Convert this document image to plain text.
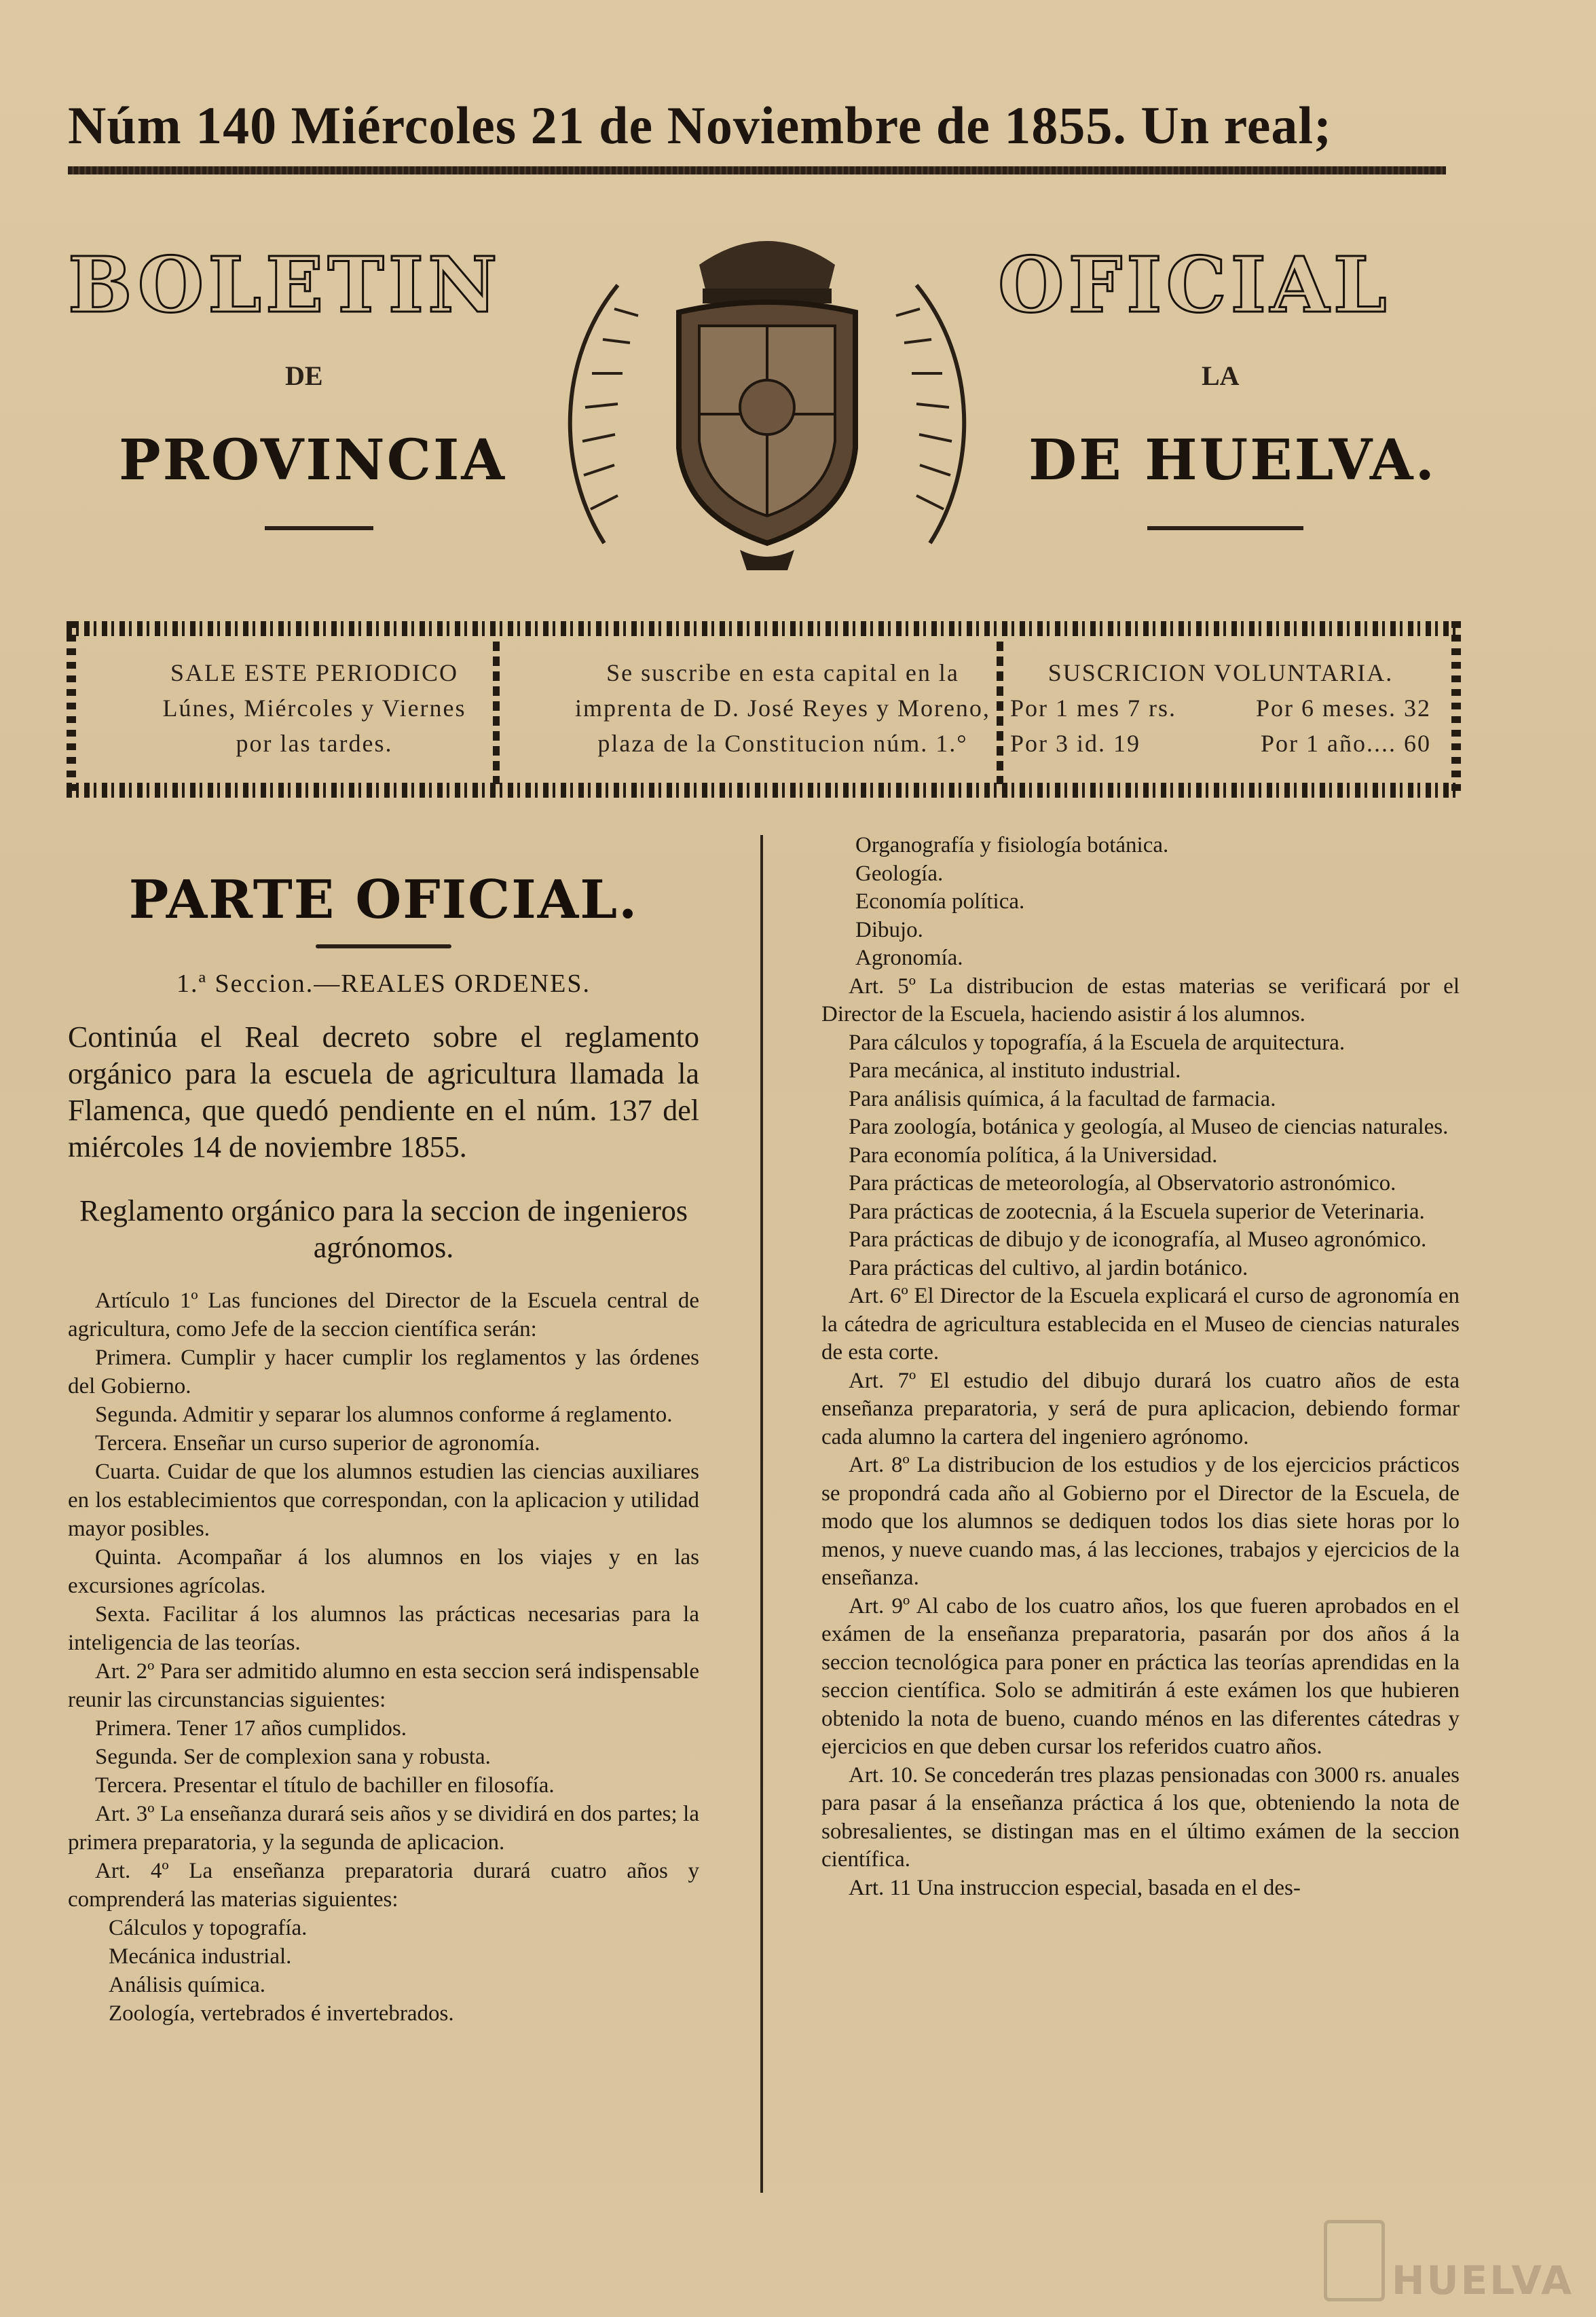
Núm 140 Miércoles 21 de Noviembre de 1855. Un real;
BOLETIN	OFICIAL
DE	LA
PROVINCIA	DE HUELVA.
SALE ESTE PERIODICO
Lúnes, Miércoles y Viernes
por las tardes.
Se suscribe en esta capital en la
imprenta de D. José Reyes y Moreno,
plaza de la Constitucion núm. 1.°
SUSCRICION VOLUNTARIA.
Por 1 mes 7 rs.	Por 6 meses. 32
Por 3 id. 19	Por 1 año.... 60
PARTE OFICIAL.
1.ª Seccion.—REALES ORDENES.
Continúa el Real decreto sobre el reglamento orgánico para la escuela de agricultura llamada la Flamenca, que quedó pendiente en el núm. 137 del miércoles 14 de noviembre 1855.
Reglamento orgánico para la seccion de ingenieros agrónomos.

Artículo 1º Las funciones del Director de la Escuela central de agricultura, como Jefe de la seccion científica serán:

Primera. Cumplir y hacer cumplir los reglamentos y las órdenes del Gobierno.

Segunda. Admitir y separar los alumnos conforme á reglamento.

Tercera. Enseñar un curso superior de agronomía.

Cuarta. Cuidar de que los alumnos estudien las ciencias auxiliares en los establecimientos que correspondan, con la aplicacion y utilidad mayor posibles.

Quinta. Acompañar á los alumnos en los viajes y en las excursiones agrícolas.

Sexta. Facilitar á los alumnos las prácticas necesarias para la inteligencia de las teorías.

Art. 2º Para ser admitido alumno en esta seccion será indispensable reunir las circunstancias siguientes:

Primera. Tener 17 años cumplidos.

Segunda. Ser de complexion sana y robusta.

Tercera. Presentar el título de bachiller en filosofía.

Art. 3º La enseñanza durará seis años y se dividirá en dos partes; la primera preparatoria, y la segunda de aplicacion.

Art. 4º La enseñanza preparatoria durará cuatro años y comprenderá las materias siguientes:

Cálculos y topografía.

Mecánica industrial.

Análisis química.

Zoología, vertebrados é invertebrados.

Organografía y fisiología botánica.

Geología.

Economía política.

Dibujo.

Agronomía.

Art. 5º La distribucion de estas materias se verificará por el Director de la Escuela, haciendo asistir á los alumnos.

Para cálculos y topografía, á la Escuela de arquitectura.

Para mecánica, al instituto industrial.

Para análisis química, á la facultad de farmacia.

Para zoología, botánica y geología, al Museo de ciencias naturales.

Para economía política, á la Universidad.

Para prácticas de meteorología, al Observatorio astronómico.

Para prácticas de zootecnia, á la Escuela superior de Veterinaria.

Para prácticas de dibujo y de iconografía, al Museo agronómico.

Para prácticas del cultivo, al jardin botánico.

Art. 6º El Director de la Escuela explicará el curso de agronomía en la cátedra de agricultura establecida en el Museo de ciencias naturales de esta corte.

Art. 7º El estudio del dibujo durará los cuatro años de esta enseñanza preparatoria, y será de pura aplicacion, debiendo formar cada alumno la cartera del ingeniero agrónomo.

Art. 8º La distribucion de los estudios y de los ejercicios prácticos se propondrá cada año al Gobierno por el Director de la Escuela, de modo que los alumnos se dediquen todos los dias siete horas por lo menos, y nueve cuando mas, á las lecciones, trabajos y ejercicios de la enseñanza.

Art. 9º Al cabo de los cuatro años, los que fueren aprobados en el exámen de la enseñanza preparatoria, pasarán por dos años á la seccion tecnológica para poner en práctica las teorías aprendidas en la seccion científica. Solo se admitirán á este exámen los que hubieren obtenido la nota de bueno, cuando ménos en las diferentes cátedras y ejercicios en que deben cursar los referidos cuatro años.

Art. 10. Se concederán tres plazas pensionadas con 3000 rs. anuales para pasar á la enseñanza práctica á los que, obteniendo la nota de sobresalientes, se distingan mas en el último exámen de la seccion científica.

Art. 11 Una instruccion especial, basada en el des-

HUELVA
